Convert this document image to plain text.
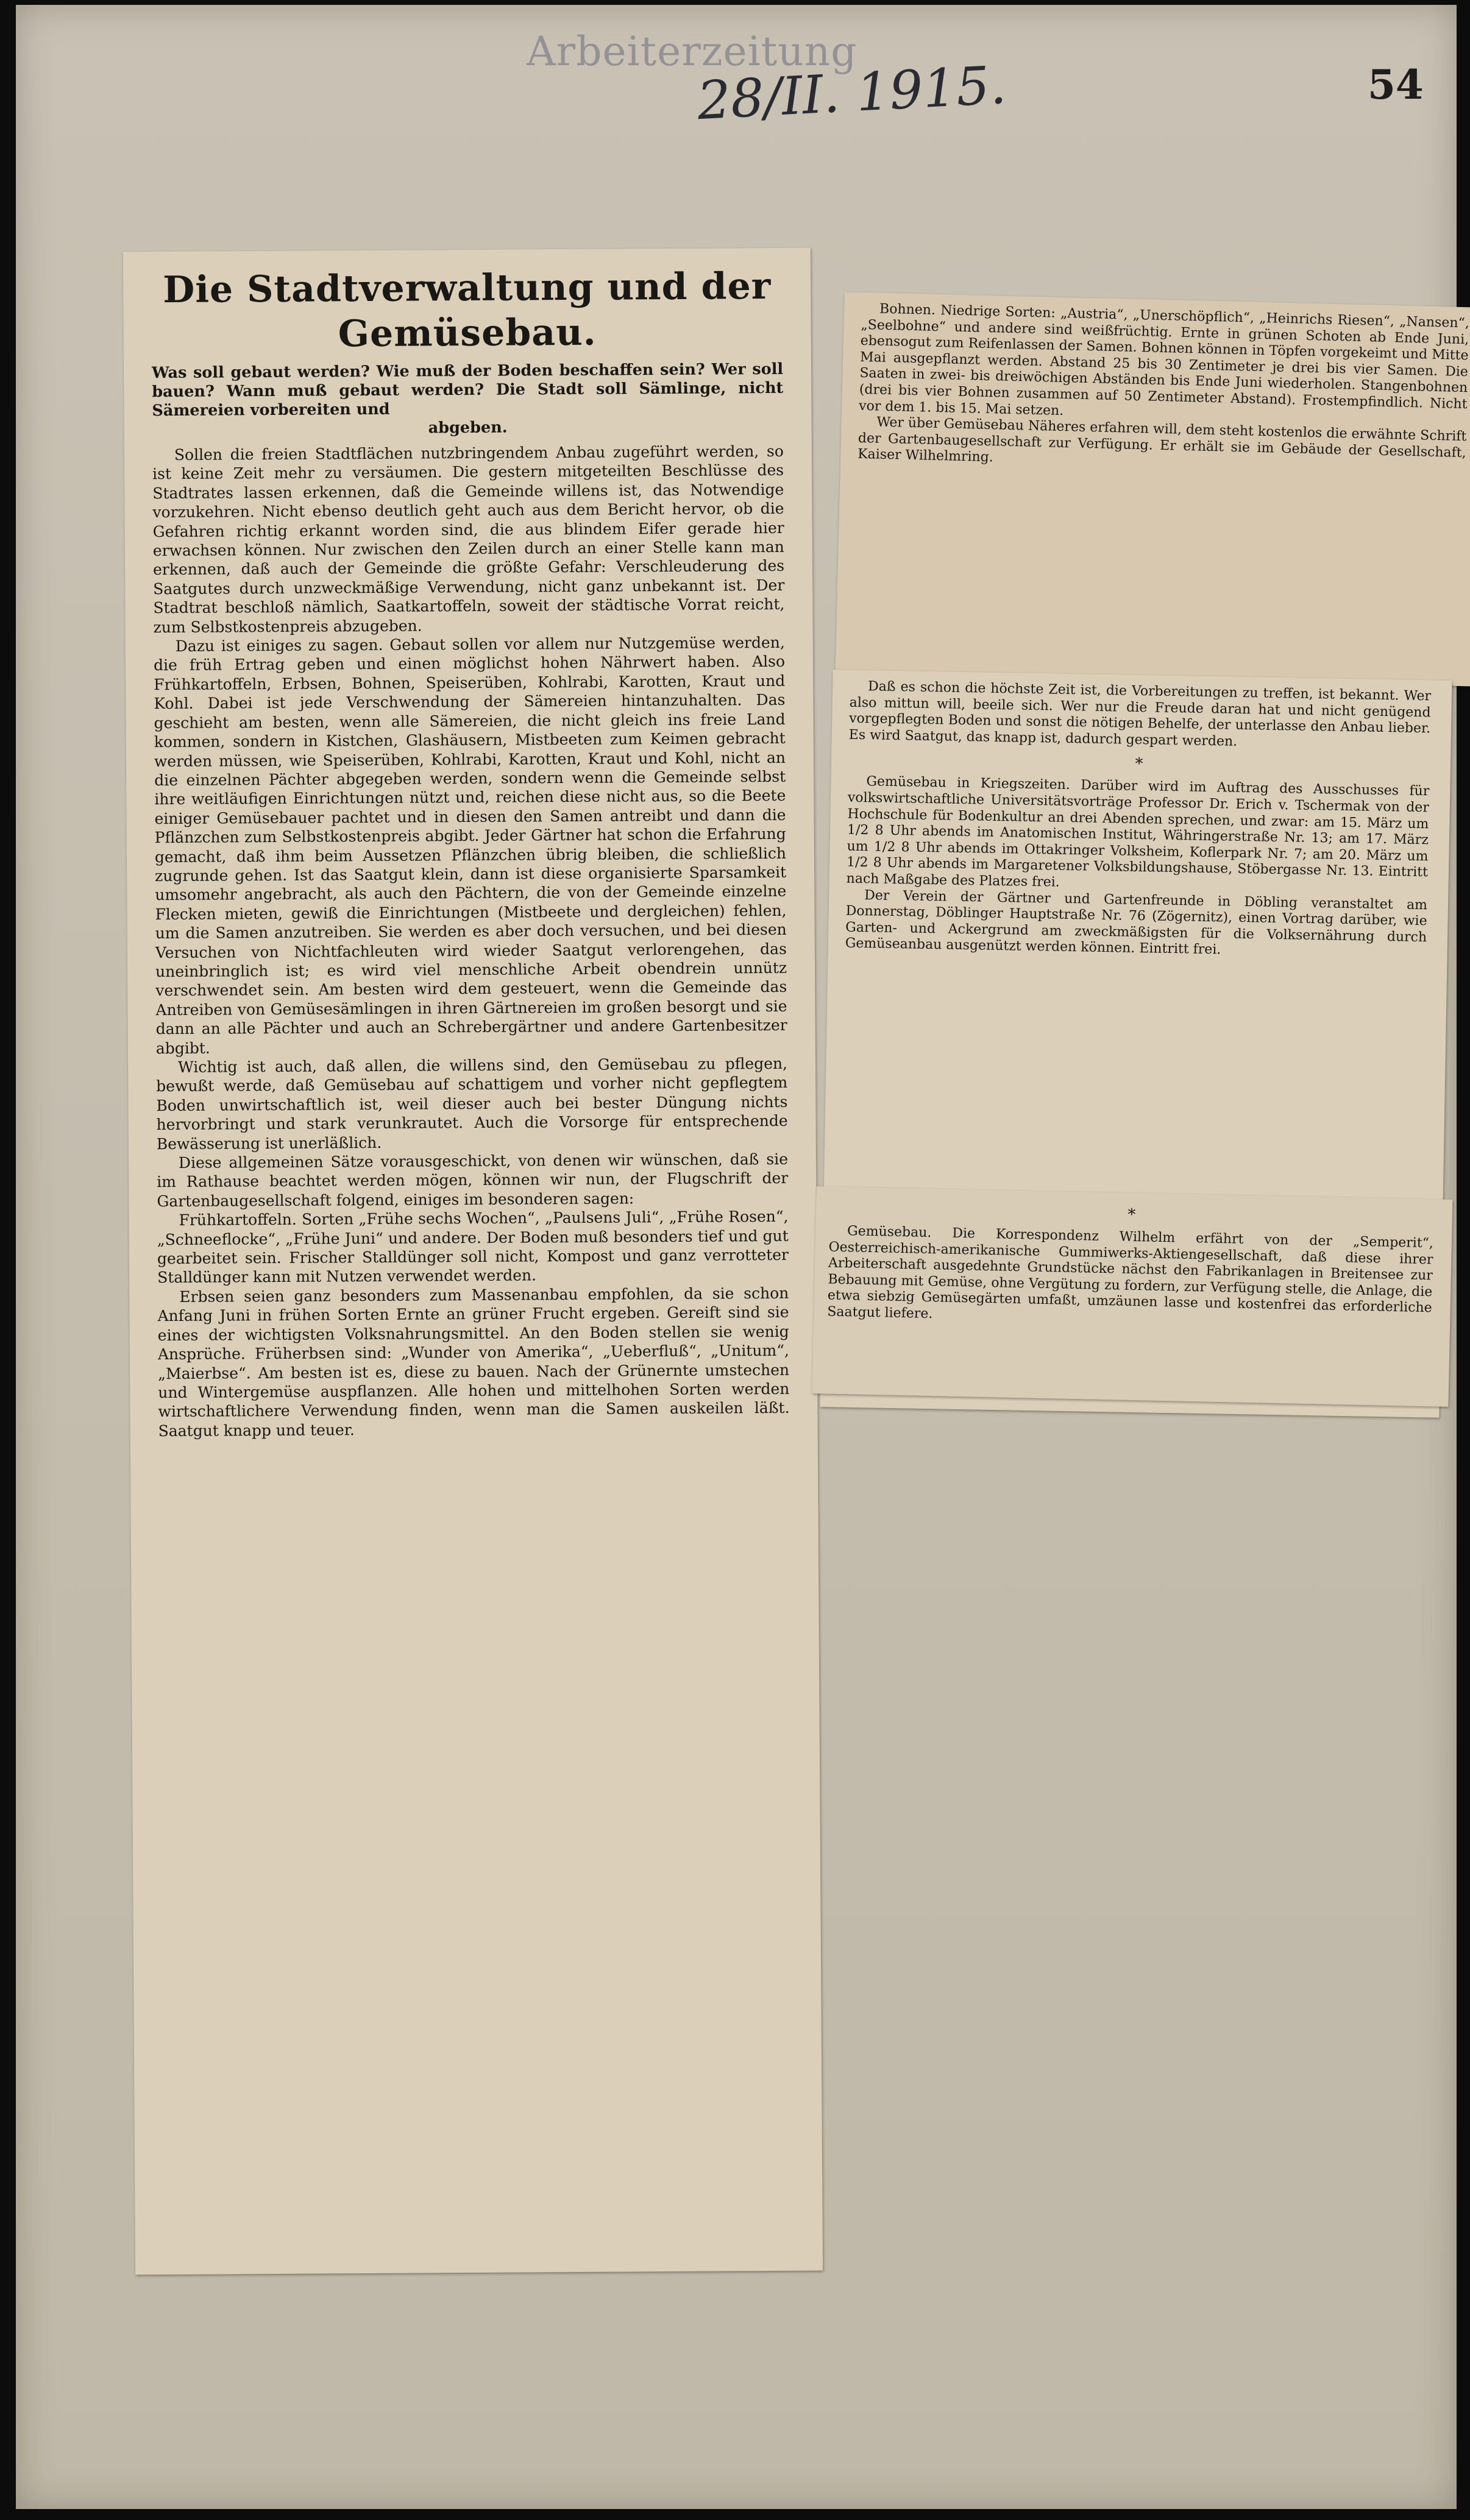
Arbeiterzeitung
28/II. 1915.	54
Die Stadtverwaltung und der
Gemüsebau.
Was soll gebaut werden? Wie muß der Boden beschaffen sein? Wer soll bauen? Wann muß gebaut werden? Die Stadt soll Sämlinge, nicht Sämereien vorbereiten und
abgeben.

Sollen die freien Stadtflächen nutzbringendem Anbau zugeführt werden, so ist keine Zeit mehr zu versäumen. Die gestern mitgeteilten Beschlüsse des Stadtrates lassen erkennen, daß die Gemeinde willens ist, das Notwendige vorzukehren. Nicht ebenso deutlich geht auch aus dem Bericht hervor, ob die Gefahren richtig erkannt worden sind, die aus blindem Eifer gerade hier erwachsen können. Nur zwischen den Zeilen durch an einer Stelle kann man erkennen, daß auch der Gemeinde die größte Gefahr: Verschleuderung des Saatgutes durch unzweckmäßige Verwendung, nicht ganz unbekannt ist. Der Stadtrat beschloß nämlich, Saatkartoffeln, soweit der städtische Vorrat reicht, zum Selbstkostenpreis abzugeben.

Dazu ist einiges zu sagen. Gebaut sollen vor allem nur Nutzgemüse werden, die früh Ertrag geben und einen möglichst hohen Nährwert haben. Also Frühkartoffeln, Erbsen, Bohnen, Speiserüben, Kohlrabi, Karotten, Kraut und Kohl. Dabei ist jede Verschwendung der Sämereien hintanzuhalten. Das geschieht am besten, wenn alle Sämereien, die nicht gleich ins freie Land kommen, sondern in Kistchen, Glashäusern, Mistbeeten zum Keimen gebracht werden müssen, wie Speiserüben, Kohlrabi, Karotten, Kraut und Kohl, nicht an die einzelnen Pächter abgegeben werden, sondern wenn die Gemeinde selbst ihre weitläufigen Einrichtungen nützt und, reichen diese nicht aus, so die Beete einiger Gemüsebauer pachtet und in diesen den Samen antreibt und dann die Pflänzchen zum Selbstkostenpreis abgibt. Jeder Gärtner hat schon die Erfahrung gemacht, daß ihm beim Aussetzen Pflänzchen übrig bleiben, die schließlich zugrunde gehen. Ist das Saatgut klein, dann ist diese organisierte Sparsamkeit umsomehr angebracht, als auch den Pächtern, die von der Gemeinde einzelne Flecken mieten, gewiß die Einrichtungen (Mistbeete und dergleichen) fehlen, um die Samen anzutreiben. Sie werden es aber doch versuchen, und bei diesen Versuchen von Nichtfachleuten wird wieder Saatgut verlorengehen, das uneinbringlich ist; es wird viel menschliche Arbeit obendrein unnütz verschwendet sein. Am besten wird dem gesteuert, wenn die Gemeinde das Antreiben von Gemüsesämlingen in ihren Gärtnereien im großen besorgt und sie dann an alle Pächter und auch an Schrebergärtner und andere Gartenbesitzer abgibt.

Wichtig ist auch, daß allen, die willens sind, den Gemüsebau zu pflegen, bewußt werde, daß Gemüsebau auf schattigem und vorher nicht gepflegtem Boden unwirtschaftlich ist, weil dieser auch bei bester Düngung nichts hervorbringt und stark verunkrautet. Auch die Vorsorge für entsprechende Bewässerung ist unerläßlich.

Diese allgemeinen Sätze vorausgeschickt, von denen wir wünschen, daß sie im Rathause beachtet werden mögen, können wir nun, der Flugschrift der Gartenbaugesellschaft folgend, einiges im besonderen sagen:

Frühkartoffeln. Sorten „Frühe sechs Wochen“, „Paulsens Juli“, „Frühe Rosen“, „Schneeflocke“, „Frühe Juni“ und andere. Der Boden muß besonders tief und gut gearbeitet sein. Frischer Stalldünger soll nicht, Kompost und ganz verrotteter Stalldünger kann mit Nutzen verwendet werden.

Erbsen seien ganz besonders zum Massenanbau empfohlen, da sie schon Anfang Juni in frühen Sorten Ernte an grüner Frucht ergeben. Gereift sind sie eines der wichtigsten Volksnahrungsmittel. An den Boden stellen sie wenig Ansprüche. Früherbsen sind: „Wunder von Amerika“, „Ueberfluß“, „Unitum“, „Maierbse“. Am besten ist es, diese zu bauen. Nach der Grünernte umstechen und Wintergemüse auspflanzen. Alle hohen und mittelhohen Sorten werden wirtschaftlichere Verwendung finden, wenn man die Samen auskeilen läßt. Saatgut knapp und teuer.

Bohnen. Niedrige Sorten: „Austria“, „Unerschöpflich“, „Heinrichs Riesen“, „Nansen“, „Seelbohne“ und andere sind weißfrüchtig. Ernte in grünen Schoten ab Ende Juni, ebensogut zum Reifenlassen der Samen. Bohnen können in Töpfen vorgekeimt und Mitte Mai ausgepflanzt werden. Abstand 25 bis 30 Zentimeter je drei bis vier Samen. Die Saaten in zwei- bis dreiwöchigen Abständen bis Ende Juni wiederholen. Stangenbohnen (drei bis vier Bohnen zusammen auf 50 Zentimeter Abstand). Frostempfindlich. Nicht vor dem 1. bis 15. Mai setzen.

Wer über Gemüsebau Näheres erfahren will, dem steht kostenlos die erwähnte Schrift der Gartenbaugesellschaft zur Verfügung. Er erhält sie im Gebäude der Gesellschaft, Kaiser Wilhelmring.

Daß es schon die höchste Zeit ist, die Vorbereitungen zu treffen, ist bekannt. Wer also mittun will, beeile sich. Wer nur die Freude daran hat und nicht genügend vorgepflegten Boden und sonst die nötigen Behelfe, der unterlasse den Anbau lieber. Es wird Saatgut, das knapp ist, dadurch gespart werden.

*

Gemüsebau in Kriegszeiten. Darüber wird im Auftrag des Ausschusses für volkswirtschaftliche Universitätsvorträge Professor Dr. Erich v. Tschermak von der Hochschule für Bodenkultur an drei Abenden sprechen, und zwar: am 15. März um 1/2 8 Uhr abends im Anatomischen Institut, Währingerstraße Nr. 13; am 17. März um 1/2 8 Uhr abends im Ottakringer Volksheim, Koflerpark Nr. 7; am 20. März um 1/2 8 Uhr abends im Margaretener Volksbildungshause, Stöbergasse Nr. 13. Eintritt nach Maßgabe des Platzes frei.

Der Verein der Gärtner und Gartenfreunde in Döbling veranstaltet am Donnerstag, Döblinger Hauptstraße Nr. 76 (Zögernitz), einen Vortrag darüber, wie Garten- und Ackergrund am zweckmäßigsten für die Volksernährung durch Gemüseanbau ausgenützt werden können. Eintritt frei.

*

Gemüsebau. Die Korrespondenz Wilhelm erfährt von der „Semperit“, Oesterreichisch-amerikanische Gummiwerks-Aktiengesellschaft, daß diese ihrer Arbeiterschaft ausgedehnte Grundstücke nächst den Fabrikanlagen in Breitensee zur Bebauung mit Gemüse, ohne Vergütung zu fordern, zur Verfügung stelle, die Anlage, die etwa siebzig Gemüsegärten umfaßt, umzäunen lasse und kostenfrei das erforderliche Saatgut liefere.
